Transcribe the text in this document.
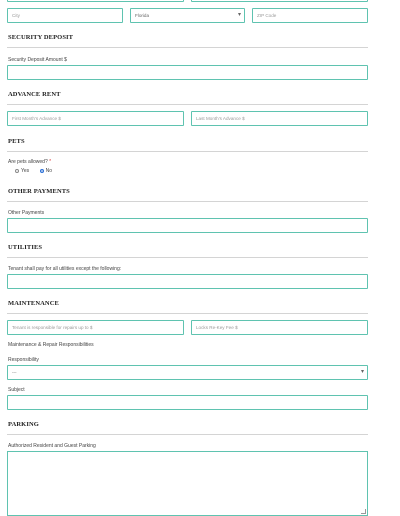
City	Florida	▾	ZIP Code
SECURITY DEPOSIT
Security Deposit Amount $
ADVANCE RENT
First Month's Advance $	Last Month's Advance $
PETS
Are pets allowed? *
Yes	No
OTHER PAYMENTS
Other Payments
UTILITIES
Tenant shall pay for all utilities except the following:
MAINTENANCE
Tenant is responsible for repairs up to $	Locks Re-Key Fee $
Maintenance & Repair Responsibilities
Responsibility
---	▾
Subject
PARKING
Authorized Resident and Guest Parking
